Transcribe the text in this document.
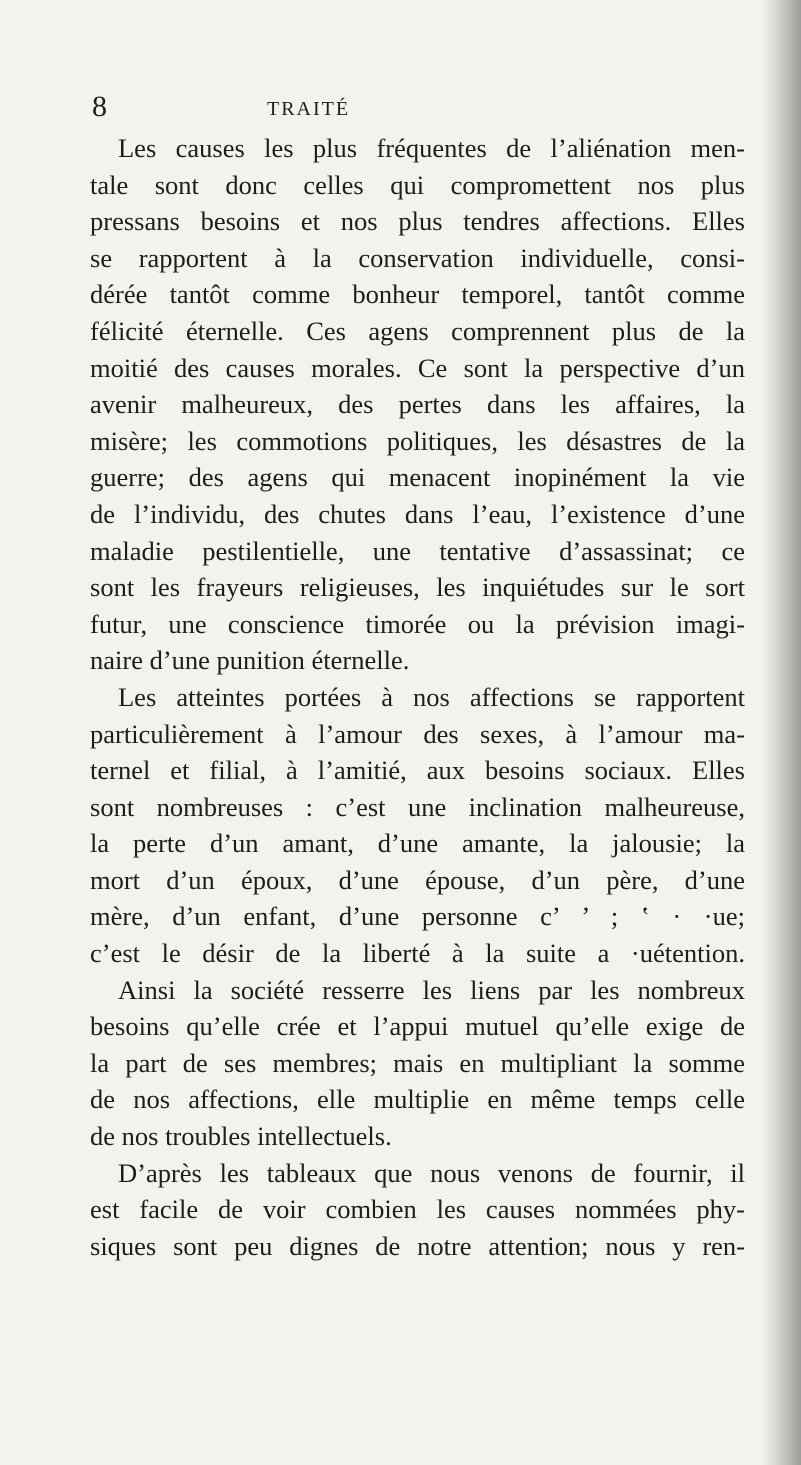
8	TRAITÉ
Les causes les plus fréquentes de l’aliénation men-
tale sont donc celles qui compromettent nos plus
pressans besoins et nos plus tendres affections. Elles
se rapportent à la conservation individuelle, consi-
dérée tantôt comme bonheur temporel, tantôt comme
félicité éternelle. Ces agens comprennent plus de la
moitié des causes morales. Ce sont la perspective d’un
avenir malheureux, des pertes dans les affaires, la
misère; les commotions politiques, les désastres de la
guerre; des agens qui menacent inopinément la vie
de l’individu, des chutes dans l’eau, l’existence d’une
maladie pestilentielle, une tentative d’assassinat; ce
sont les frayeurs religieuses, les inquiétudes sur le sort
futur, une conscience timorée ou la prévision imagi-
naire d’une punition éternelle.
Les atteintes portées à nos affections se rapportent
particulièrement à l’amour des sexes, à l’amour ma-
ternel et filial, à l’amitié, aux besoins sociaux. Elles
sont nombreuses : c’est une inclination malheureuse,
la perte d’un amant, d’une amante, la jalousie; la
mort d’un époux, d’une épouse, d’un père, d’une
mère, d’un enfant, d’une personne c’ ’ ; ‛ · ·ue;
c’est le désir de la liberté à la suite a ·uétention.
Ainsi la société resserre les liens par les nombreux
besoins qu’elle crée et l’appui mutuel qu’elle exige de
la part de ses membres; mais en multipliant la somme
de nos affections, elle multiplie en même temps celle
de nos troubles intellectuels.
D’après les tableaux que nous venons de fournir, il
est facile de voir combien les causes nommées phy-
siques sont peu dignes de notre attention; nous y ren-
